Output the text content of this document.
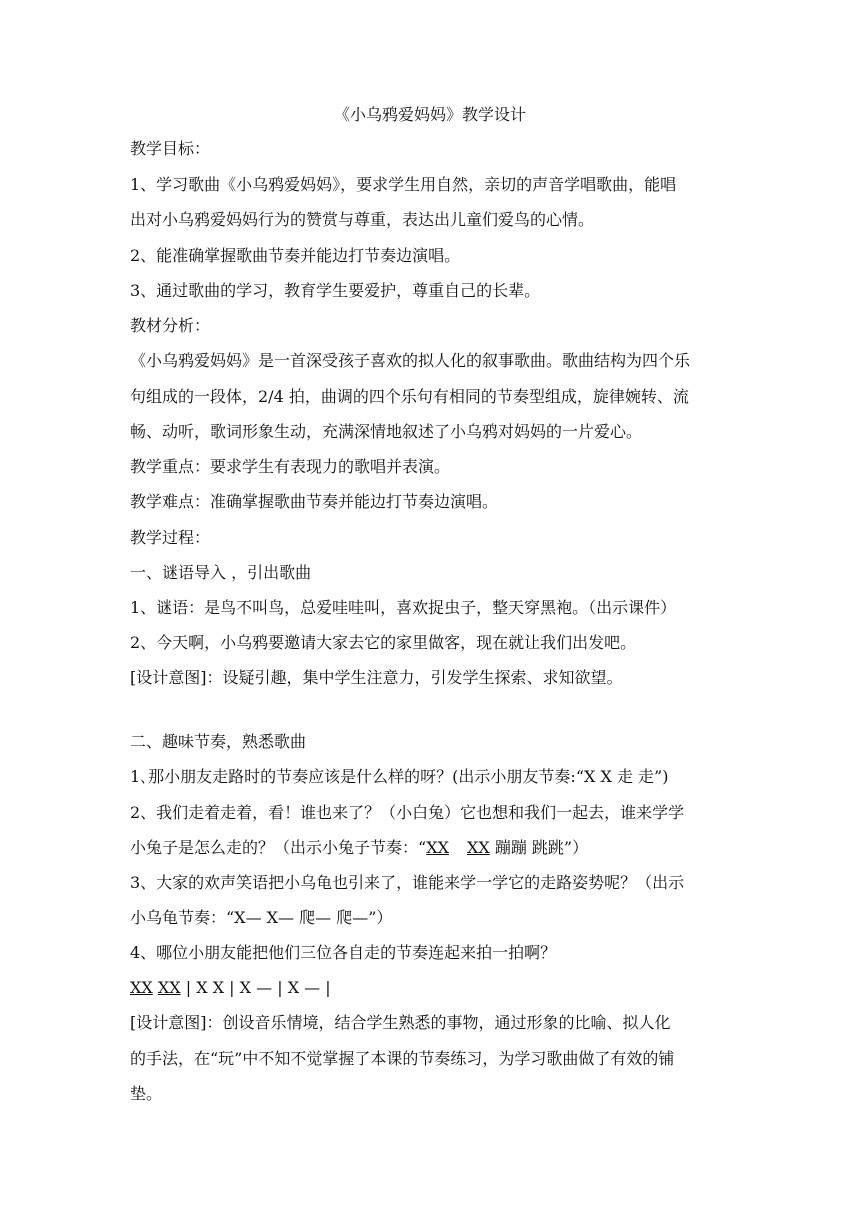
《小乌鸦爱妈妈》教学设计
教学目标：
1、学习歌曲《小乌鸦爱妈妈》，要求学生用自然，亲切的声音学唱歌曲，能唱
出对小乌鸦爱妈妈行为的赞赏与尊重，表达出儿童们爱鸟的心情。
2、能准确掌握歌曲节奏并能边打节奏边演唱。
3、通过歌曲的学习，教育学生要爱护，尊重自己的长辈。
教材分析：
《小乌鸦爱妈妈》是一首深受孩子喜欢的拟人化的叙事歌曲。歌曲结构为四个乐
句组成的一段体，2/4 拍，曲调的四个乐句有相同的节奏型组成，旋律婉转、流
畅、动听，歌词形象生动，充满深情地叙述了小乌鸦对妈妈的一片爱心。
教学重点：要求学生有表现力的歌唱并表演。
教学难点：准确掌握歌曲节奏并能边打节奏边演唱。
教学过程：
一、谜语导入 ，引出歌曲
1、谜语：是鸟不叫鸟，总爱哇哇叫，喜欢捉虫子，整天穿黑袍。（出示课件）
2、今天啊，小乌鸦要邀请大家去它的家里做客，现在就让我们出发吧。
[设计意图]：设疑引趣，集中学生注意力，引发学生探索、求知欲望。
二、趣味节奏，熟悉歌曲
1､那小朋友走路时的节奏应该是什么样的呀？(出示小朋友节奏:“X X 走 走”)
2、我们走着走着，看！谁也来了？（小白兔）它也想和我们一起去，谁来学学
小兔子是怎么走的？（出示小兔子节奏：“XX XX 蹦蹦 跳跳”）
3、大家的欢声笑语把小乌龟也引来了，谁能来学一学它的走路姿势呢？（出示
小乌龟节奏：“X— X— 爬— 爬—”）
4、哪位小朋友能把他们三位各自走的节奏连起来拍一拍啊？
XX XX | X X | X — | X — |
[设计意图]：创设音乐情境，结合学生熟悉的事物，通过形象的比喻、拟人化
的手法，在“玩”中不知不觉掌握了本课的节奏练习，为学习歌曲做了有效的铺
垫。
